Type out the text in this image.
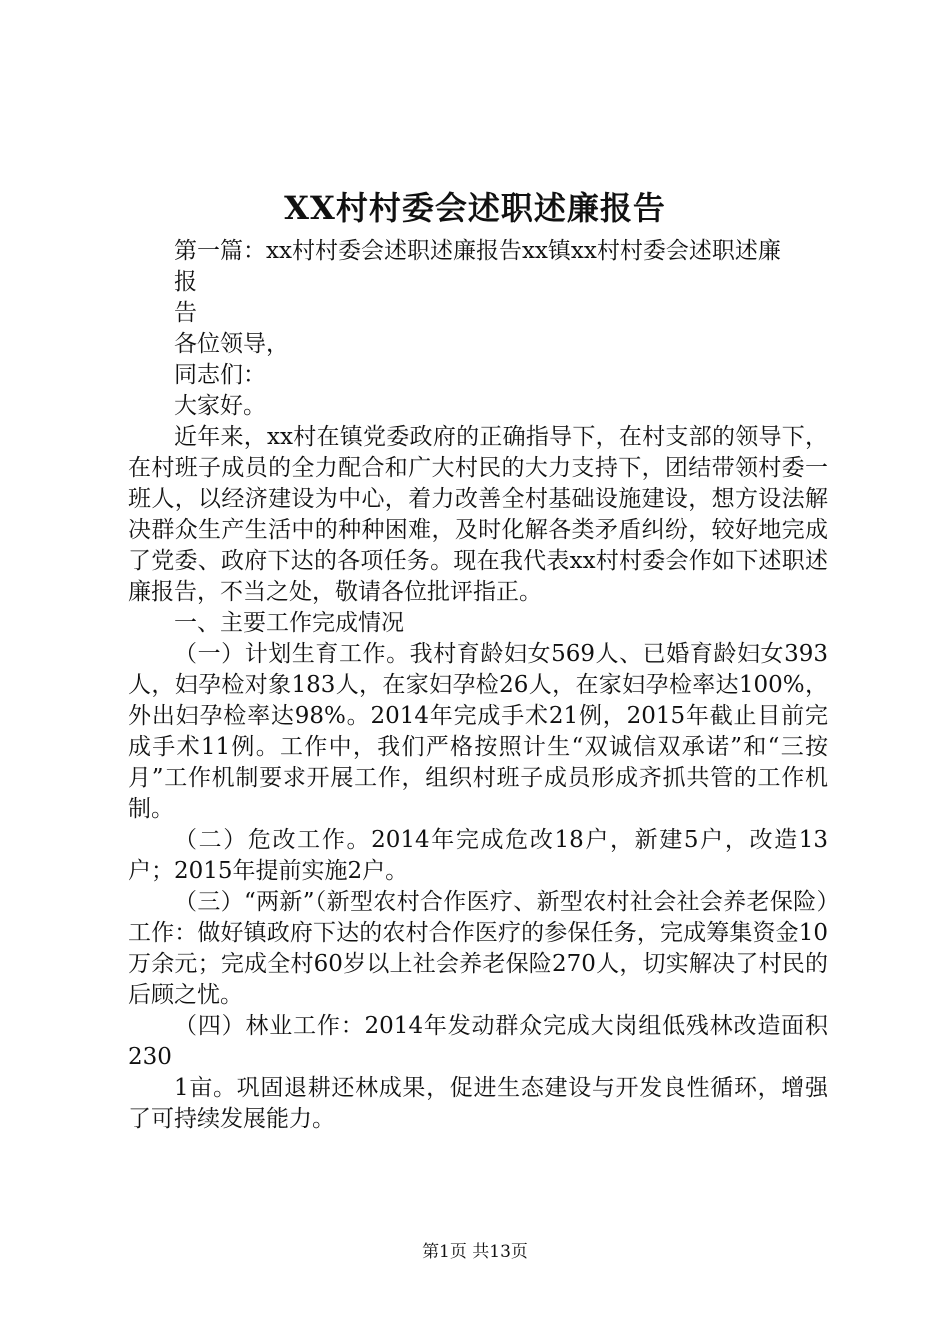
XX村村委会述职述廉报告

第一篇：xx村村委会述职述廉报告xx镇xx村村委会述职述廉

报

告

各位领导，

同志们：

大家好。

近年来，xx村在镇党委政府的正确指导下，在村支部的领导下，在村班子成员的全力配合和广大村民的大力支持下，团结带领村委一班人，以经济建设为中心，着力改善全村基础设施建设，想方设法解决群众生产生活中的种种困难，及时化解各类矛盾纠纷，较好地完成了党委、政府下达的各项任务。现在我代表xx村村委会作如下述职述廉报告，不当之处，敬请各位批评指正。

一、主要工作完成情况

（一）计划生育工作。我村育龄妇女569人、已婚育龄妇女393人，妇孕检对象183人，在家妇孕检26人，在家妇孕检率达100%，外出妇孕检率达98%。2014年完成手术21例，2015年截止目前完成手术11例。工作中，我们严格按照计生“双诚信双承诺”和“三按月”工作机制要求开展工作，组织村班子成员形成齐抓共管的工作机制。

（二）危改工作。2014年完成危改18户，新建5户，改造13户；2015年提前实施2户。

（三）“两新”（新型农村合作医疗、新型农村社会社会养老保险）工作：做好镇政府下达的农村合作医疗的参保任务，完成筹集资金10万余元；完成全村60岁以上社会养老保险270人，切实解决了村民的后顾之忧。

（四）林业工作：2014年发动群众完成大岗组低残林改造面积230

1亩。巩固退耕还林成果，促进生态建设与开发良性循环，增强了可持续发展能力。

第1页 共13页
